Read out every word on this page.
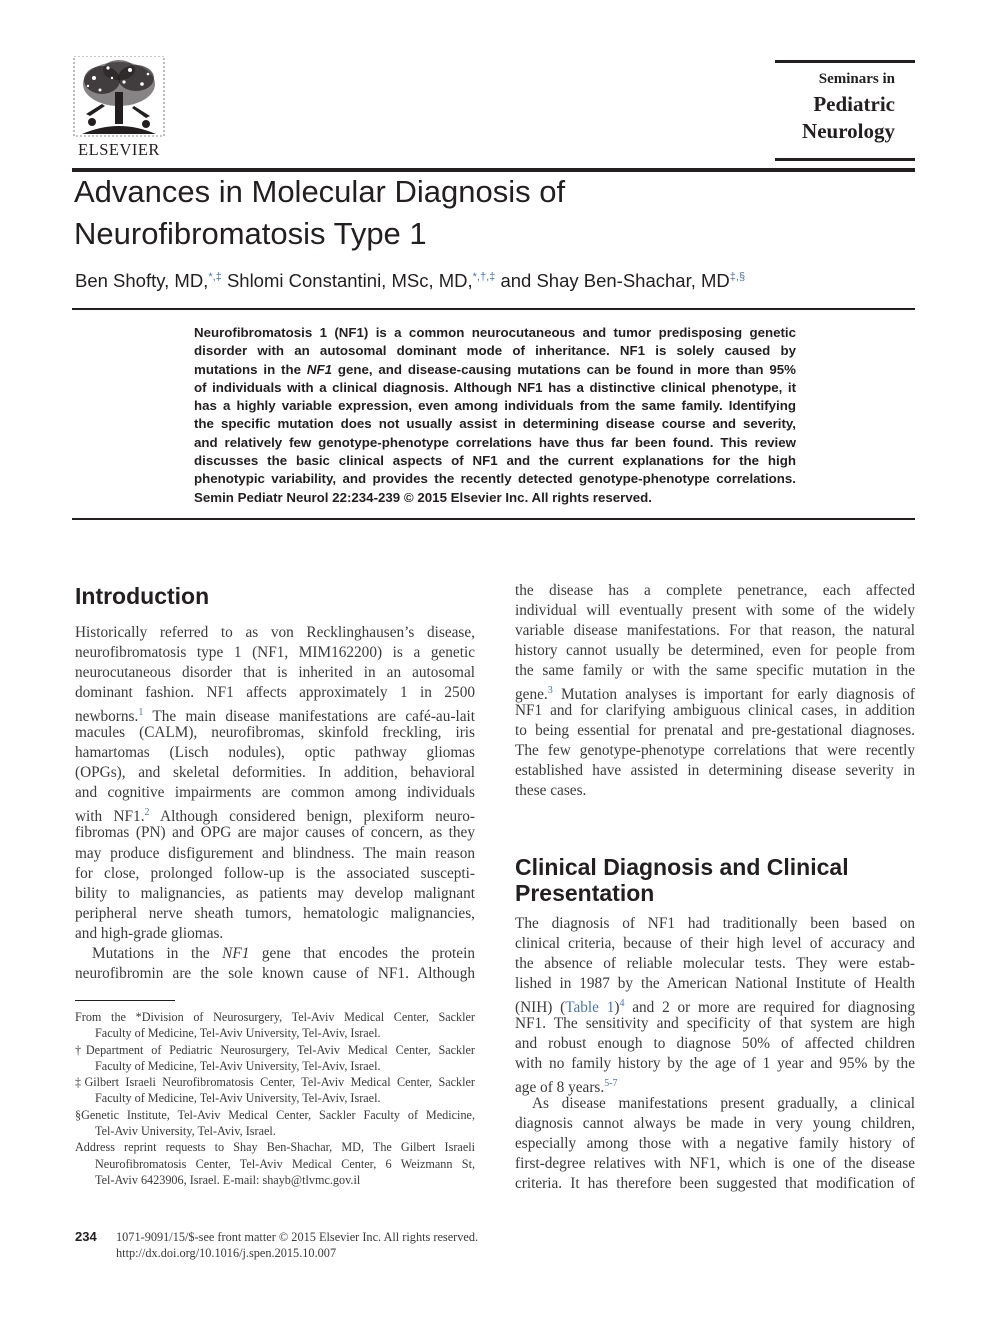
ELSEVIER
Seminars in
Pediatric
Neurology
Advances in Molecular Diagnosis of
Neurofibromatosis Type 1
Ben Shofty, MD,*,‡ Shlomi Constantini, MSc, MD,*,†,‡ and Shay Ben-Shachar, MD‡,§
Neurofibromatosis 1 (NF1) is a common neurocutaneous and tumor predisposing genetic
disorder with an autosomal dominant mode of inheritance. NF1 is solely caused by
mutations in the NF1 gene, and disease-causing mutations can be found in more than 95%
of individuals with a clinical diagnosis. Although NF1 has a distinctive clinical phenotype, it
has a highly variable expression, even among individuals from the same family. Identifying
the specific mutation does not usually assist in determining disease course and severity,
and relatively few genotype-phenotype correlations have thus far been found. This review
discusses the basic clinical aspects of NF1 and the current explanations for the high
phenotypic variability, and provides the recently detected genotype-phenotype correlations.
Semin Pediatr Neurol 22:234-239 © 2015 Elsevier Inc. All rights reserved.
Introduction
Historically referred to as von Recklinghausen’s disease,
neurofibromatosis type 1 (NF1, MIM162200) is a genetic
neurocutaneous disorder that is inherited in an autosomal
dominant fashion. NF1 affects approximately 1 in 2500
newborns.$^1$ The main disease manifestations are café-au-lait
macules (CALM), neurofibromas, skinfold freckling, iris
hamartomas (Lisch nodules), optic pathway gliomas
(OPGs), and skeletal deformities. In addition, behavioral
and cognitive impairments are common among individuals
with NF1.$^2$ Although considered benign, plexiform neuro-
fibromas (PN) and OPG are major causes of concern, as they
may produce disfigurement and blindness. The main reason
for close, prolonged follow-up is the associated suscepti-
bility to malignancies, as patients may develop malignant
peripheral nerve sheath tumors, hematologic malignancies,
and high-grade gliomas.
Mutations in the NF1 gene that encodes the protein
neurofibromin are the sole known cause of NF1. Although
From the *Division of Neurosurgery, Tel-Aviv Medical Center, Sackler
Faculty of Medicine, Tel-Aviv University, Tel-Aviv, Israel.
†Department of Pediatric Neurosurgery, Tel-Aviv Medical Center, Sackler
Faculty of Medicine, Tel-Aviv University, Tel-Aviv, Israel.
‡Gilbert Israeli Neurofibromatosis Center, Tel-Aviv Medical Center, Sackler
Faculty of Medicine, Tel-Aviv University, Tel-Aviv, Israel.
§Genetic Institute, Tel-Aviv Medical Center, Sackler Faculty of Medicine,
Tel-Aviv University, Tel-Aviv, Israel.
Address reprint requests to Shay Ben-Shachar, MD, The Gilbert Israeli
Neurofibromatosis Center, Tel-Aviv Medical Center, 6 Weizmann St,
Tel-Aviv 6423906, Israel. E-mail: shayb@tlvmc.gov.il
the disease has a complete penetrance, each affected
individual will eventually present with some of the widely
variable disease manifestations. For that reason, the natural
history cannot usually be determined, even for people from
the same family or with the same specific mutation in the
gene.$^3$ Mutation analyses is important for early diagnosis of
NF1 and for clarifying ambiguous clinical cases, in addition
to being essential for prenatal and pre-gestational diagnoses.
The few genotype-phenotype correlations that were recently
established have assisted in determining disease severity in
these cases.
Clinical Diagnosis and Clinical
Presentation
The diagnosis of NF1 had traditionally been based on
clinical criteria, because of their high level of accuracy and
the absence of reliable molecular tests. They were estab-
lished in 1987 by the American National Institute of Health
(NIH) (Table 1)$^4$ and 2 or more are required for diagnosing
NF1. The sensitivity and specificity of that system are high
and robust enough to diagnose 50% of affected children
with no family history by the age of 1 year and 95% by the
age of 8 years.$^{5-7}$
As disease manifestations present gradually, a clinical
diagnosis cannot always be made in very young children,
especially among those with a negative family history of
first-degree relatives with NF1, which is one of the disease
criteria. It has therefore been suggested that modification of
234 1071-9091/15/$-see front matter © 2015 Elsevier Inc. All rights reserved.
http://dx.doi.org/10.1016/j.spen.2015.10.007
